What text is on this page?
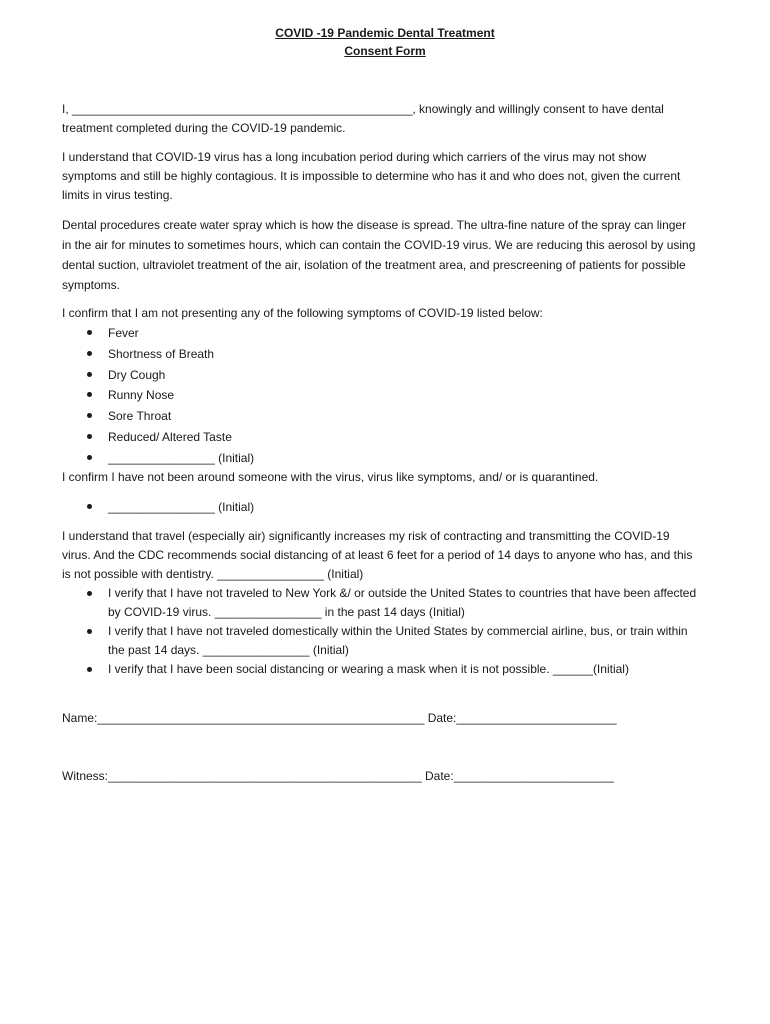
COVID -19 Pandemic Dental Treatment
Consent Form

I, ___________________________________________________, knowingly and willingly consent to have dental treatment completed during the COVID-19 pandemic.

I understand that COVID-19 virus has a long incubation period during which carriers of the virus may not show symptoms and still be highly contagious. It is impossible to determine who has it and who does not, given the current limits in virus testing.

Dental procedures create water spray which is how the disease is spread. The ultra-fine nature of the spray can linger in the air for minutes to sometimes hours, which can contain the COVID-19 virus. We are reducing this aerosol by using dental suction, ultraviolet treatment of the air, isolation of the treatment area, and prescreening of patients for possible symptoms.

I confirm that I am not presenting any of the following symptoms of COVID-19 listed below:

Fever
Shortness of Breath
Dry Cough
Runny Nose
Sore Throat
Reduced/ Altered Taste
________________ (Initial)

I confirm I have not been around someone with the virus, virus like symptoms, and/ or is quarantined.

________________ (Initial)

I understand that travel (especially air) significantly increases my risk of contracting and transmitting the COVID-19 virus. And the CDC recommends social distancing of at least 6 feet for a period of 14 days to anyone who has, and this is not possible with dentistry. ________________ (Initial)

I verify that I have not traveled to New York &/ or outside the United States to countries that have been affected by COVID-19 virus. ________________ in the past 14 days (Initial)
I verify that I have not traveled domestically within the United States by commercial airline, bus, or train within the past 14 days. ________________ (Initial)
I verify that I have been social distancing or wearing a mask when it is not possible. ______(Initial)
Name:_________________________________________________ Date:________________________
Witness:_______________________________________________ Date:________________________
